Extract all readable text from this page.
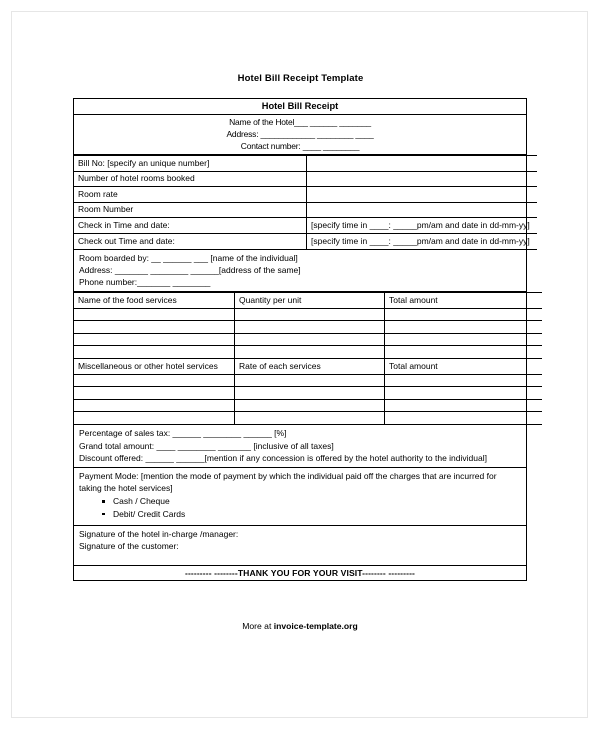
Hotel Bill Receipt Template
Hotel Bill Receipt
Name of the Hotel___ ______ _______
Address: ____________ ________ ____
Contact number: ____ ________
Bill No: [specify an unique number]	
Number of hotel rooms booked	
Room rate	
Room Number	
Check in Time and date:	[specify time in ____: _____pm/am and date in dd-mm-yy]
Check out Time and date:	[specify time in ____: _____pm/am and date in dd-mm-yy]
Room boarded by: __ ______ ___ [name of the individual]
Address: _______ ________ ______[address of the same]
Phone number:_______ ________
Name of the food services	Quantity per unit	Total amount

Miscellaneous or other hotel services	Rate of each services	Total amount

Percentage of sales tax: ______ ________ ______ [%]
Grand total amount: ____ ________ _______ [inclusive of all taxes]
Discount offered: ______ ______[mention if any concession is offered by the hotel authority to the individual]
Payment Mode: [mention the mode of payment by which the individual paid off the charges that are incurred for taking the hotel services]
Cash / Cheque
Debit/ Credit Cards
Signature of the hotel in-charge /manager:
Signature of the customer:
--------- --------THANK YOU FOR YOUR VISIT-------- ---------
More at invoice-template.org
